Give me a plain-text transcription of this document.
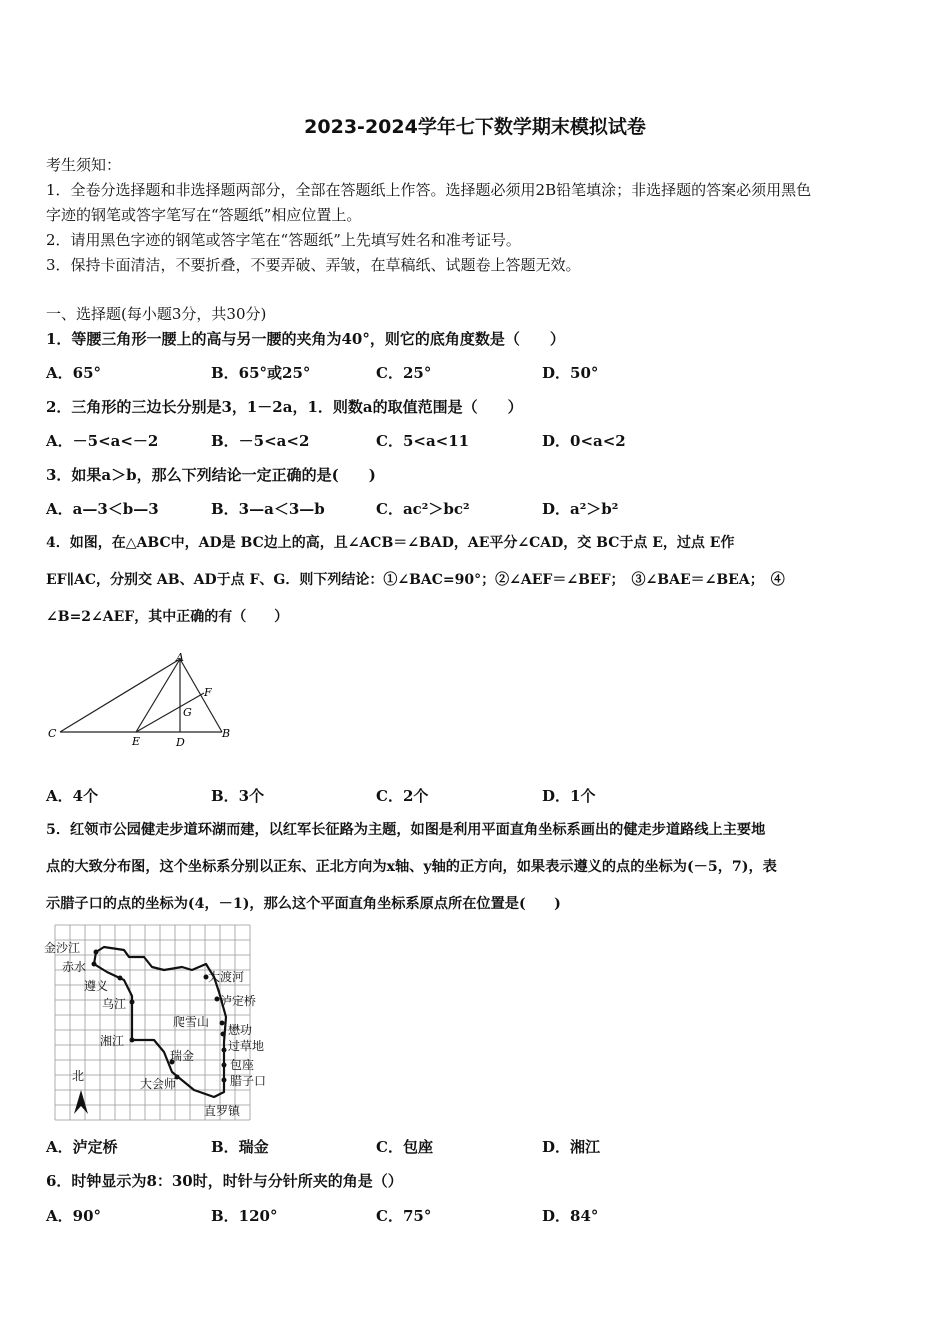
2023-2024学年七下数学期末模拟试卷
考生须知：
1．全卷分选择题和非选择题两部分，全部在答题纸上作答。选择题必须用2B铅笔填涂；非选择题的答案必须用黑色
字迹的钢笔或答字笔写在“答题纸”相应位置上。
2．请用黑色字迹的钢笔或答字笔在“答题纸”上先填写姓名和准考证号。
3．保持卡面清洁，不要折叠，不要弄破、弄皱，在草稿纸、试题卷上答题无效。
一、选择题(每小题3分，共30分)
1．等腰三角形一腰上的高与另一腰的夹角为40°，则它的底角度数是（　　）
A．65°	B．65°或25°	C．25°	D．50°
2．三角形的三边长分别是3，1－2a，1．则数a的取值范围是（　　）
A．－5<a<－2	B．－5<a<2	C．5<a<11	D．0<a<2
3．如果a＞b，那么下列结论一定正确的是(　　)
A．a—3＜b—3	B．3—a＜3—b	C．ac²＞bc²	D．a²＞b²
4．如图，在△ABC中，AD是 BC边上的高，且∠ACB＝∠BAD，AE平分∠CAD，交 BC于点 E，过点 E作
EF∥AC，分别交 AB、AD于点 F、G．则下列结论：①∠BAC=90°；②∠AEF＝∠BEF；　③∠BAE＝∠BEA；　④
∠B=2∠AEF，其中正确的有（　　）
A
F
G
C
E	D
B
A．4个	B．3个	C．2个	D．1个
5．红领市公园健走步道环湖而建，以红军长征路为主题，如图是利用平面直角坐标系画出的健走步道路线上主要地
点的大致分布图，这个坐标系分别以正东、正北方向为x轴、y轴的正方向，如果表示遵义的点的坐标为(－5，7)，表
示腊子口的点的坐标为(4，－1)，那么这个平面直角坐标系原点所在位置是(　　)
金沙江
赤水
遵义
乌江
湘江
大渡河
泸定桥
爬雪山
懋功
过草地
瑞金
包座
大会师	腊子口
直罗镇
北
A．泸定桥	B．瑞金	C．包座	D．湘江
6．时钟显示为8：30时，时针与分针所夹的角是（）
A．90°	B．120°	C．75°	D．84°
